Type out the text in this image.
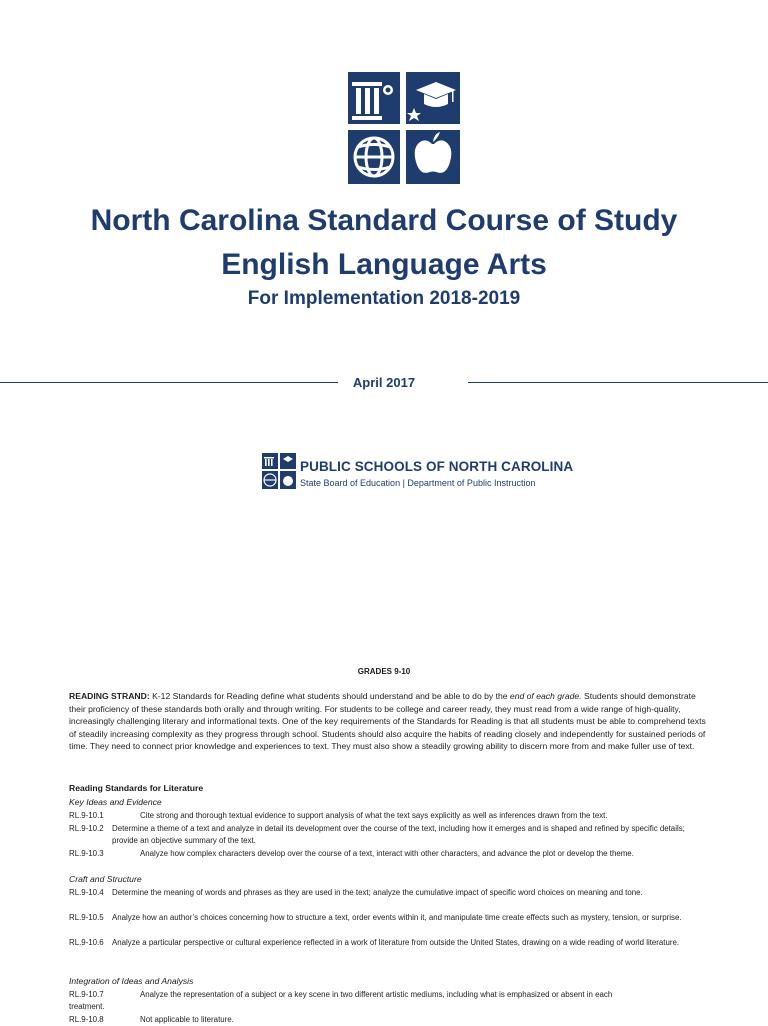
North Carolina Standard Course of Study
English Language Arts
For Implementation 2018-2019
April 2017
PUBLIC SCHOOLS OF NORTH CAROLINA
State Board of Education | Department of Public Instruction
GRADES 9-10
READING STRAND: K-12 Standards for Reading define what students should understand and be able to do by the end of each grade. Students should demonstrate their proficiency of these standards both orally and through writing. For students to be college and career ready, they must read from a wide range of high-quality, increasingly challenging literary and informational texts. One of the key requirements of the Standards for Reading is that all students must be able to comprehend texts of steadily increasing complexity as they progress through school. Students should also acquire the habits of reading closely and independently for sustained periods of time. They need to connect prior knowledge and experiences to text. They must also show a steadily growing ability to discern more from and make fuller use of text.
Reading Standards for Literature
Key Ideas and Evidence
RL.9-10.1	Cite strong and thorough textual evidence to support analysis of what the text says explicitly as well as inferences drawn from the text.
RL.9-10.2	Determine a theme of a text and analyze in detail its development over the course of the text, including how it emerges and is shaped and refined by specific details; provide an objective summary of the text.
RL.9-10.3	Analyze how complex characters develop over the course of a text, interact with other characters, and advance the plot or develop the theme.
Craft and Structure
RL.9-10.4	Determine the meaning of words and phrases as they are used in the text; analyze the cumulative impact of specific word choices on meaning and tone.
RL.9-10.5	Analyze how an author’s choices concerning how to structure a text, order events within it, and manipulate time create effects such as mystery, tension, or surprise.
RL.9-10.6	Analyze a particular perspective or cultural experience reflected in a work of literature from outside the United States, drawing on a wide reading of world literature.
Integration of Ideas and Analysis
RL.9-10.7	Analyze the representation of a subject or a key scene in two different artistic mediums, including what is emphasized or absent in each
treatment.
RL.9-10.8	Not applicable to literature.
